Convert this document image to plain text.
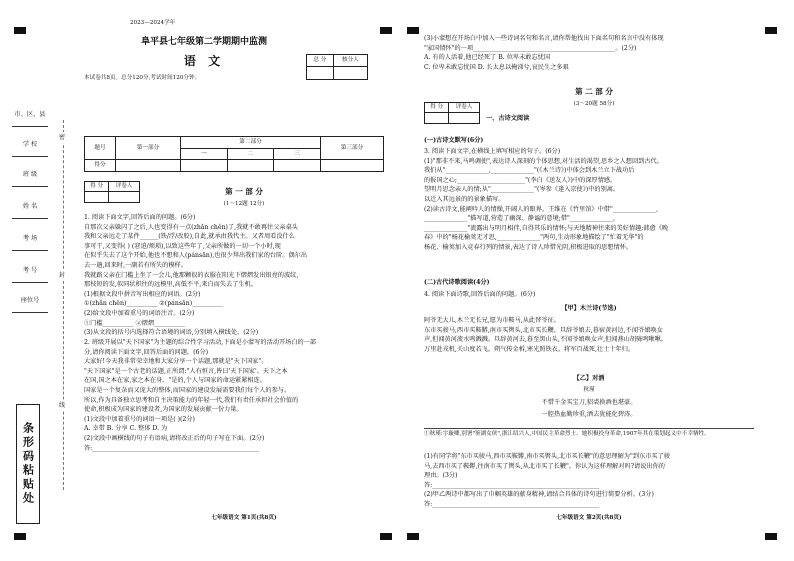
市、区、县
学 校
班 级
姓 名
考 场
考 号
座位号
条形码粘贴处
密
封
线
2023—2024学年
阜平县七年级第二学期期中监测
语 文	总 分	核分人

本试卷共8页。总分120分,考试时间120分钟。
题号	第一部分	第二部分			第三部分
		一	二	三	
得分					
得 分	评卷人

第 一 部 分
(1～12题 12分)
1. 阅读下面文字,回答后面的问题。(6分)
自那次父亲躲闪了之后,人也变得有一点(zhǎn chěn)了,我就不敢再往父亲桌头
我和父亲远走了某件______(铁/浮/改胶),自此,就承由我代主。又者周看没什么
事可干,又变得( ) (窘迫/烦琐),以致这些年了,父亲所做的一切一个小时,现
在似乎失去了这个开始,他也不想和人(pánsān),也很少拜出我们家的台阶。偶尔出
去一趟,回来时,一副若有所失的模样。
我就路父亲在门槛上坐了一会儿,他那颗很的衣服在阳光下熠熠发出银亮的波纹,
那枝短的发,似同状积往的远模里,高低不平,来白而失去了生机。
(1)根据文段中拼音写出相应的词语。(2分)
①(zhǎn chěn)__________ ②(pánsān)__________
(2)给文段中加着重号的词语注音。(2分)
①门槛__________ ②熠熠__________
(3)从文段的括号内选择符合语境的词语,分别填入横线处。(2分)
2. 班级开展以"天下国家"为主题的综合性学习活动,下面是小蒙写的活动开场白的一部
分,请你阅读下面文字,回答后面的问题。(6分)
大家好!今天我非常荣幸地和大家分享一个话题,那就是"天下国家"。
"天下国家"是一个古老的话题,正所谓:"人有恒言,皆曰'天下国家'。天下之本
在国,国之本在家,家之本在身。"是的,个人与国家的命运紧紧相连。
国家是一个复杂而又庞大的整体,而国家的建设发展需要我们每个人的参与。
所以,作为具备独立思考和自主决策能力的年轻一代,我们有责任承担社会价值的
使命,积极成为国家的建设者,为国家的发展贡献一份力量。
(1)文段中加着重号的词语一项是( )(2分)
A. 幸带 B. 分享 C. 整体 D. 为
(2)文段中画横线的句子有语病,请将改正后的句子写在下面。(2分)
答:______________________________________________________
七年级语文 第1页(共8页)
(3)小蒙想在开场白中加入一些诗词名句和名言,请你帮他找出下面名句和名言中没有体现
"家国情怀"的一项______________________________________________。(2分)
A. 有的人活着,他已经死了 B. 位卑未敢忘忧国
C. 位卑未敢忘忧国 D. 长太息以掩涕兮,哀民生之多艰
得 分	评卷人

第 二 部 分
(3～20题 58分)
一、古诗文阅读
(一)古诗文默写(6分)
3. 阅读下面文字,在横线上填写相应的句子。(6分)
(1)"那非不来,马鸣调使",表达诗人深刻的个体思想,对生活的渴望,思乡之人想回到古代。
我们从"______________,______________"(《木兰诗》)中体会到木兰立下战功后
的报国之心;______________________"(李白《送友人》)中的深厚情感。
望明月思念亲人的情;从"______________"(岑参《逢入京使》)中的别离。
以迁入其远景的的景象描写。
(2)读古诗文,能阐吟人的情操,开阔人的眼界。王维在《竹里馆》中借"______________,
______________"描写道,营造了幽深、静谧的意境;借"______________,
______________"流露出与明月相伴,自得其乐的情怀;与天地精神往来的美好情趣;韩愈《晚
春》中的"杨花榆荚无才思,______________"两句,生动形象地描绘了"忙着无华"的
杨花、榆荚加入竞春行列的情景,表达了诗人珍惜光阴,积极进取的思想情怀。
(二)古代诗歌阅读(4分)
4. 阅读下面诗歌,回答后面的问题。(6分)
【甲】木兰诗(节选)
阿爷无大儿,木兰无长兄,愿为市鞍马,从此替爷征。
东市买骏马,西市买鞍鞯,南市买辔头,北市买长鞭。旦辞爷娘去,暮宿黄河边,不闻爷娘唤女
声,但闻黄河流水鸣溅溅。旦辞黄河去,暮至黑山头,不闻爷娘唤女声,但闻燕山胡骑鸣啾啾。
万里赴戎机,关山度若飞。朔气传金柝,寒光照铁衣。将军百战死,壮士十年归。
【乙】对酒
秋瑾
不惜千金买宝刀,貂裘换酒也堪豪。
一腔热血勤珍重,洒去犹能化碧涛。
①秋瑾:字璇卿,别署"鉴湖女侠",浙江绍兴人,中国民主革命烈士。她积极投身革命,1907年其在策划起义中不幸牺牲。
(1)有同学将"东市买骏马,西市买鞍鞯,南市买辔头,北市买长鞭"的意思理解为"到东市买了骏
马,去西市买了鞍鞯,往南市买了辔头,从北市买了长鞭"。你认为这样理解对吗?请说出你的
理由。(3分)
答:______________________________________________________
(2)甲乙两诗中都写出了巾帼英雄的献身精神,请结合具体的诗句进行简要分析。(3分)
答:______________________________________________________
七年级语文 第2页(共8页)
